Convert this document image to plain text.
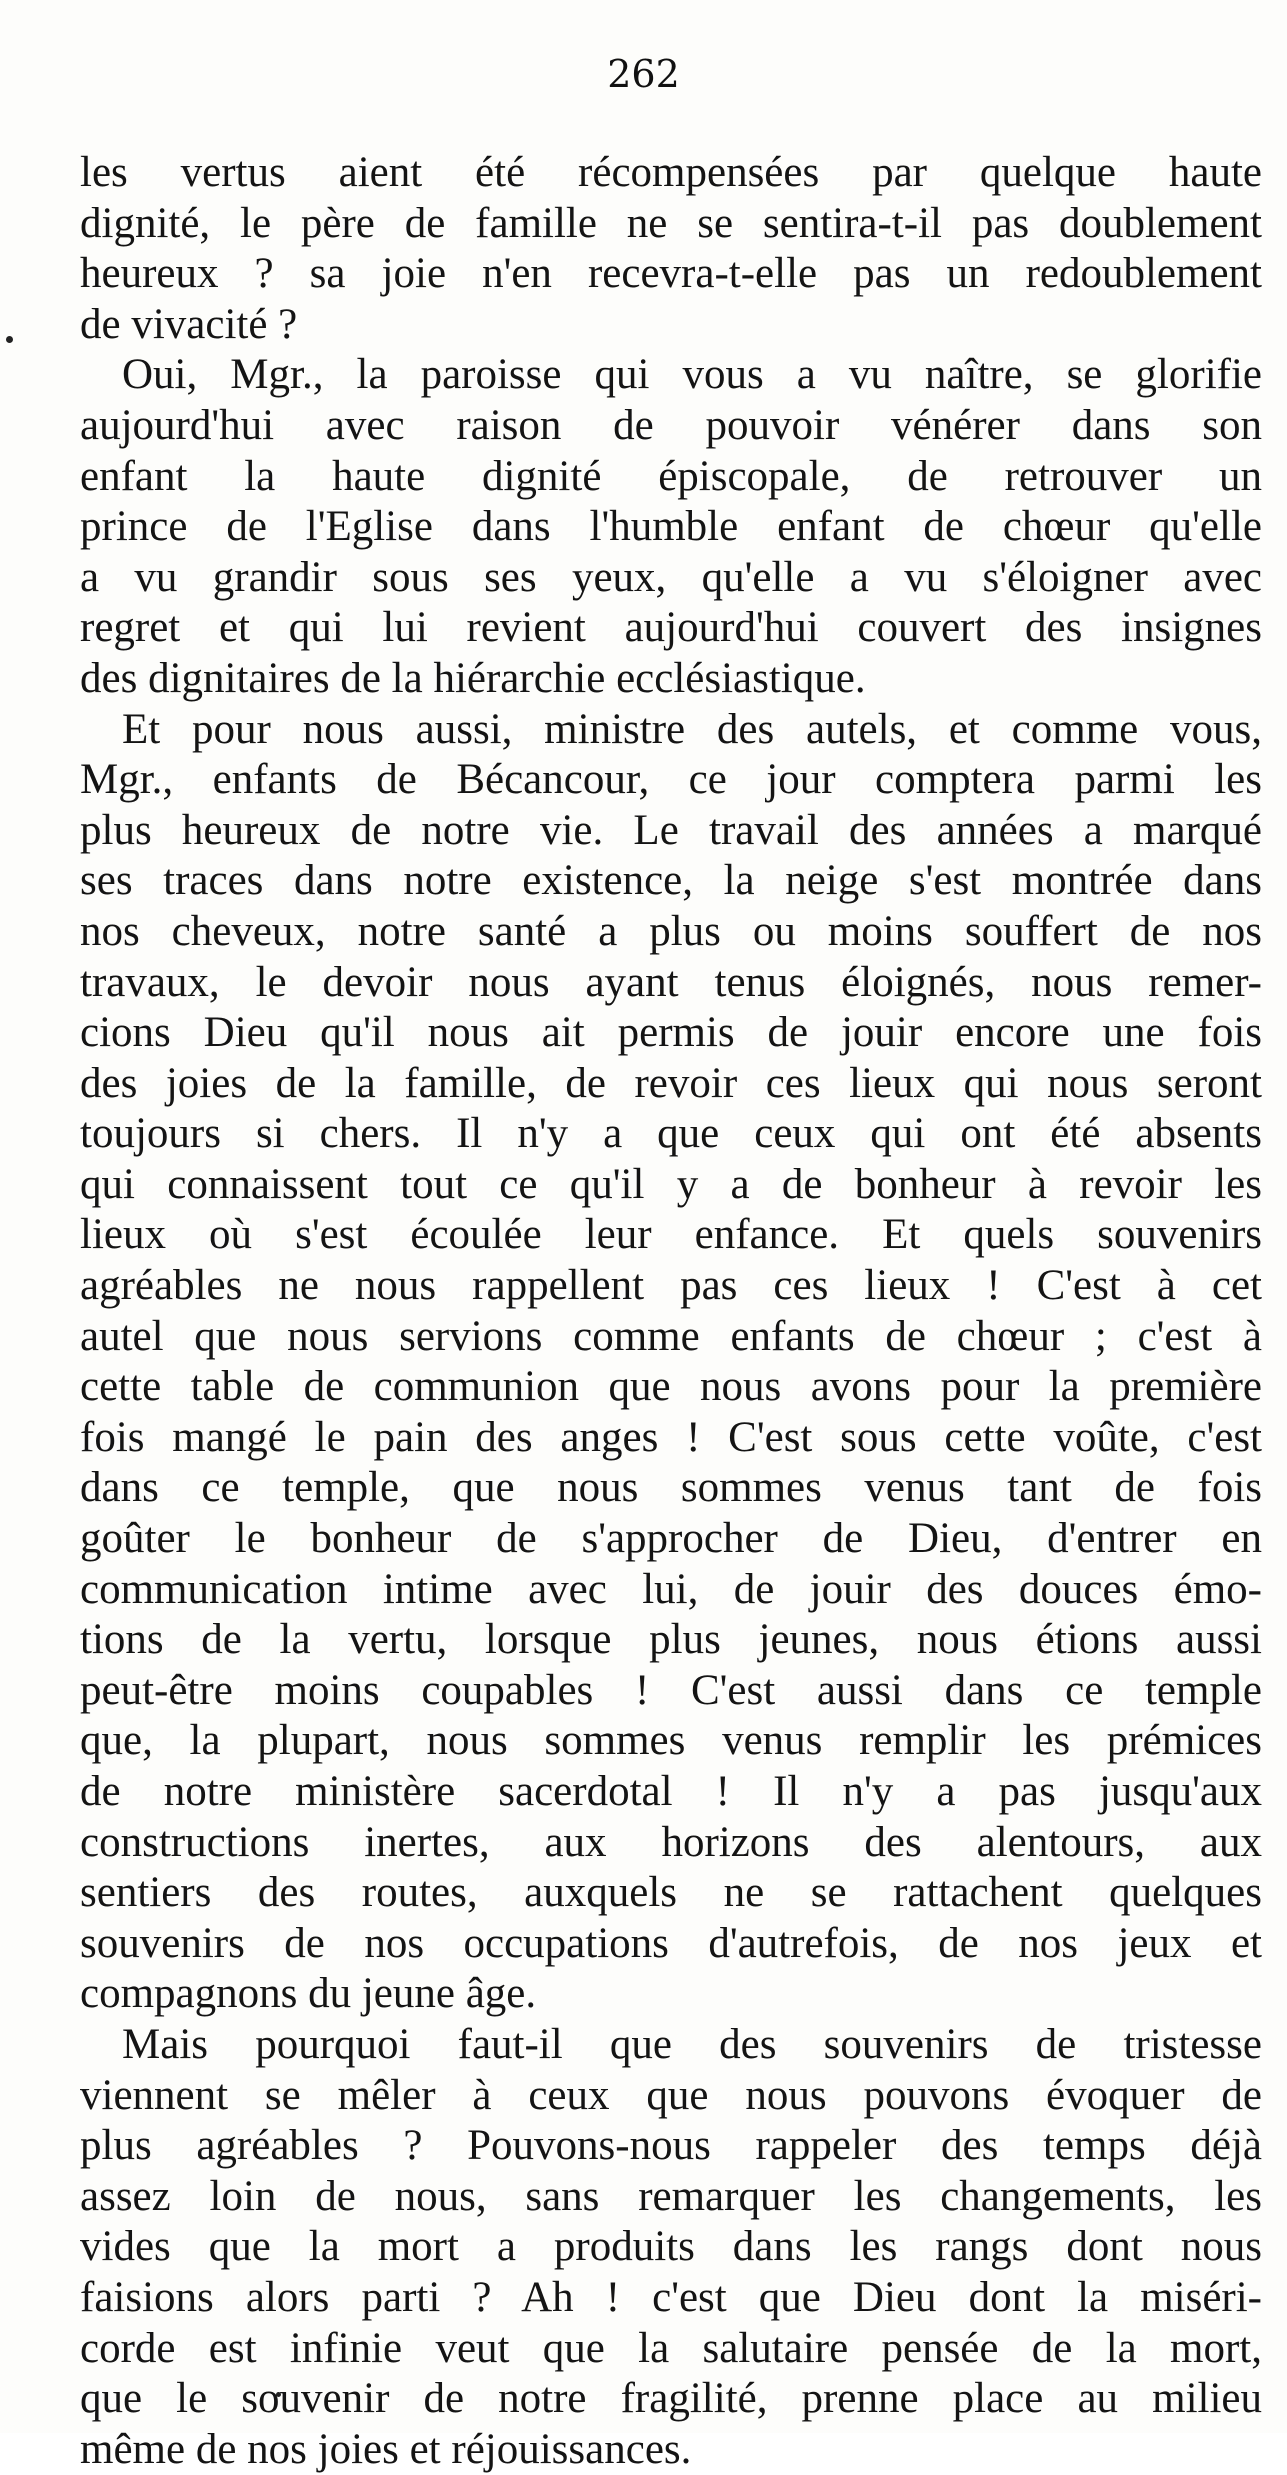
262
les vertus aient été récompensées par quelque haute
dignité, le père de famille ne se sentira-t-il pas doublement
heureux ? sa joie n'en recevra-t-elle pas un redoublement
de vivacité ?
Oui, Mgr., la paroisse qui vous a vu naître, se glorifie
aujourd'hui avec raison de pouvoir vénérer dans son
enfant la haute dignité épiscopale, de retrouver un
prince de l'Eglise dans l'humble enfant de chœur qu'elle
a vu grandir sous ses yeux, qu'elle a vu s'éloigner avec
regret et qui lui revient aujourd'hui couvert des insignes
des dignitaires de la hiérarchie ecclésiastique.
Et pour nous aussi, ministre des autels, et comme vous,
Mgr., enfants de Bécancour, ce jour comptera parmi les
plus heureux de notre vie. Le travail des années a marqué
ses traces dans notre existence, la neige s'est montrée dans
nos cheveux, notre santé a plus ou moins souffert de nos
travaux, le devoir nous ayant tenus éloignés, nous remer-
cions Dieu qu'il nous ait permis de jouir encore une fois
des joies de la famille, de revoir ces lieux qui nous seront
toujours si chers. Il n'y a que ceux qui ont été absents
qui connaissent tout ce qu'il y a de bonheur à revoir les
lieux où s'est écoulée leur enfance. Et quels souvenirs
agréables ne nous rappellent pas ces lieux ! C'est à cet
autel que nous servions comme enfants de chœur ; c'est à
cette table de communion que nous avons pour la première
fois mangé le pain des anges ! C'est sous cette voûte, c'est
dans ce temple, que nous sommes venus tant de fois
goûter le bonheur de s'approcher de Dieu, d'entrer en
communication intime avec lui, de jouir des douces émo-
tions de la vertu, lorsque plus jeunes, nous étions aussi
peut-être moins coupables ! C'est aussi dans ce temple
que, la plupart, nous sommes venus remplir les prémices
de notre ministère sacerdotal ! Il n'y a pas jusqu'aux
constructions inertes, aux horizons des alentours, aux
sentiers des routes, auxquels ne se rattachent quelques
souvenirs de nos occupations d'autrefois, de nos jeux et
compagnons du jeune âge.
Mais pourquoi faut-il que des souvenirs de tristesse
viennent se mêler à ceux que nous pouvons évoquer de
plus agréables ? Pouvons-nous rappeler des temps déjà
assez loin de nous, sans remarquer les changements, les
vides que la mort a produits dans les rangs dont nous
faisions alors parti ? Ah ! c'est que Dieu dont la miséri-
corde est infinie veut que la salutaire pensée de la mort,
que le souvenir de notre fragilité, prenne place au milieu
même de nos joies et réjouissances.
